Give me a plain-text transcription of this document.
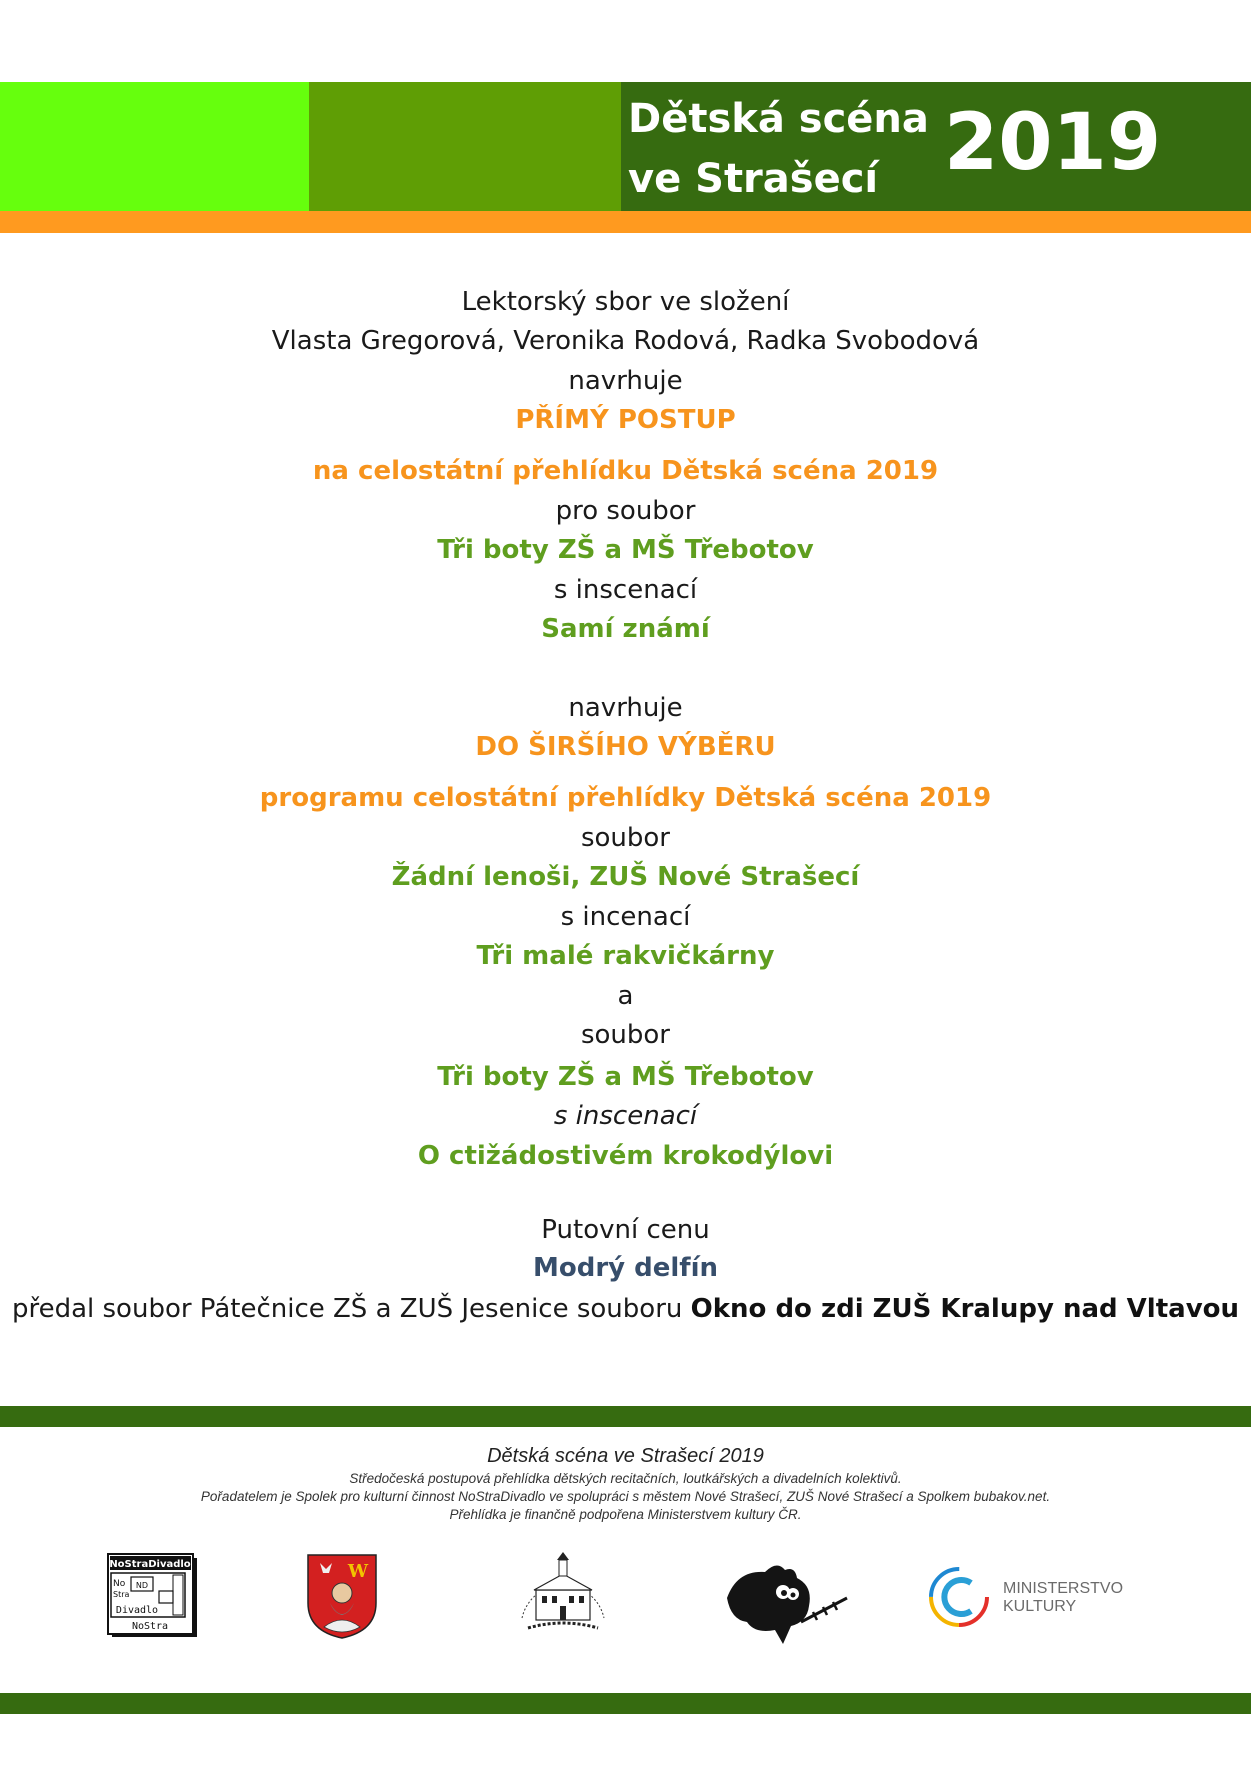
Dětská scéna
ve Strašecí 2019
Lektorský sbor ve složení
Vlasta Gregorová, Veronika Rodová, Radka Svobodová
navrhuje
PŘÍMÝ POSTUP
na celostátní přehlídku Dětská scéna 2019
pro soubor
Tři boty ZŠ a MŠ Třebotov
s inscenací
Samí známí
navrhuje
DO ŠIRŠÍHO VÝBĚRU
programu celostátní přehlídky Dětská scéna 2019
soubor
Žádní lenoši, ZUŠ Nové Strašecí
s incenací
Tři malé rakvičkárny
a
soubor
Tři boty ZŠ a MŠ Třebotov
s inscenací
O ctižádostivém krokodýlovi
Putovní cenu
Modrý delfín
předal soubor Pátečnice ZŠ a ZUŠ Jesenice souboru Okno do zdi ZUŠ Kralupy nad Vltavou
Dětská scéna ve Strašecí 2019
Středočeská postupová přehlídka dětských recitačních, loutkářských a divadelních kolektivů.
Pořadatelem je Spolek pro kulturní činnost NoStraDivadlo ve spolupráci s městem Nové Strašecí, ZUŠ Nové Strašecí a Spolkem bubakov.net.
Přehlídka je finančně podpořena Ministerstvem kultury ČR.
NoStraDivadlo
No
Stra
ND
Divadlo
NoStra
W
MINISTERSTVO
KULTURY
